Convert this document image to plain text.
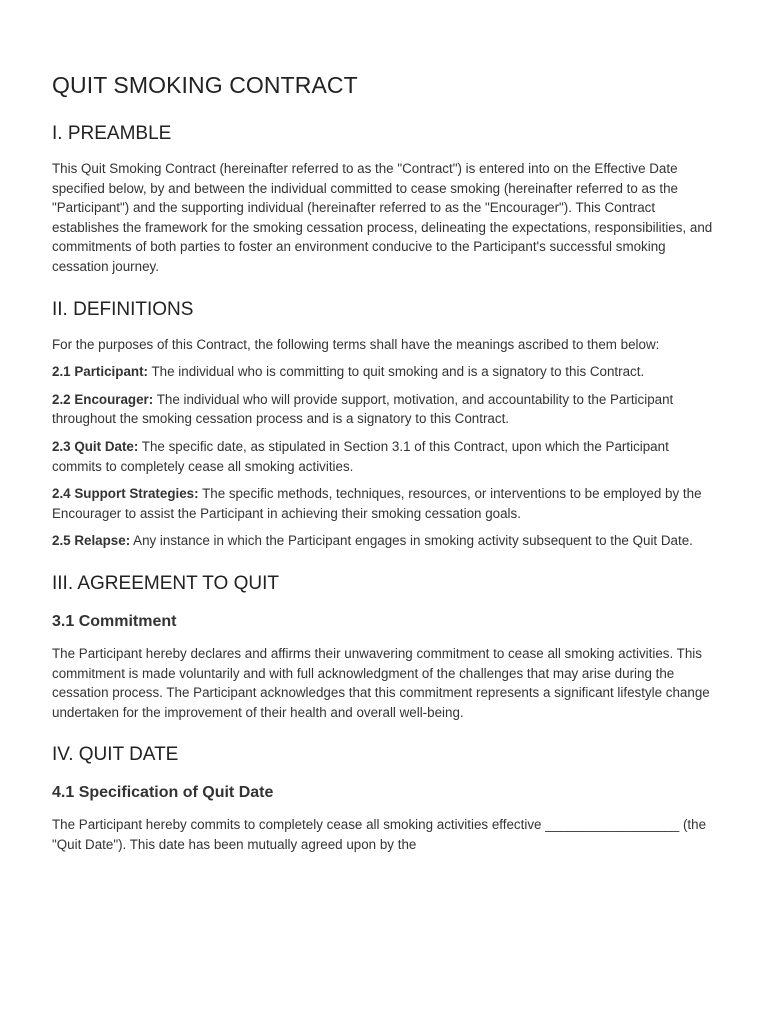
QUIT SMOKING CONTRACT
I. PREAMBLE

This Quit Smoking Contract (hereinafter referred to as the "Contract") is entered into on the Effective Date specified below, by and between the individual committed to cease smoking (hereinafter referred to as the "Participant") and the supporting individual (hereinafter referred to as the "Encourager"). This Contract establishes the framework for the smoking cessation process, delineating the expectations, responsibilities, and commitments of both parties to foster an environment conducive to the Participant's successful smoking cessation journey.

II. DEFINITIONS

For the purposes of this Contract, the following terms shall have the meanings ascribed to them below:

2.1 Participant: The individual who is committing to quit smoking and is a signatory to this Contract.

2.2 Encourager: The individual who will provide support, motivation, and accountability to the Participant throughout the smoking cessation process and is a signatory to this Contract.

2.3 Quit Date: The specific date, as stipulated in Section 3.1 of this Contract, upon which the Participant commits to completely cease all smoking activities.

2.4 Support Strategies: The specific methods, techniques, resources, or interventions to be employed by the Encourager to assist the Participant in achieving their smoking cessation goals.

2.5 Relapse: Any instance in which the Participant engages in smoking activity subsequent to the Quit Date.

III. AGREEMENT TO QUIT
3.1 Commitment

The Participant hereby declares and affirms their unwavering commitment to cease all smoking activities. This commitment is made voluntarily and with full acknowledgment of the challenges that may arise during the cessation process. The Participant acknowledges that this commitment represents a significant lifestyle change undertaken for the improvement of their health and overall well-being.

IV. QUIT DATE
4.1 Specification of Quit Date

The Participant hereby commits to completely cease all smoking activities effective __________________ (the "Quit Date"). This date has been mutually agreed upon by the
